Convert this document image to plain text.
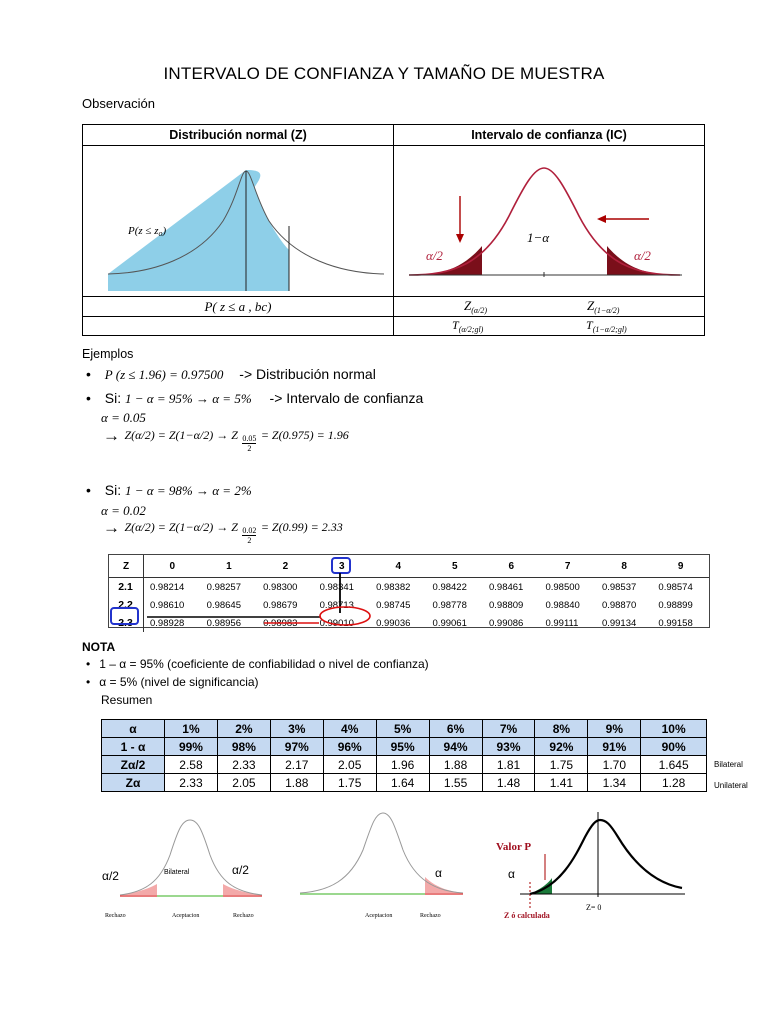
INTERVALO DE CONFIANZA Y TAMAÑO DE MUESTRA
Observación
Distribución normal (Z)	Intervalo de confianza (IC)

P(z ≤ zo)	1−α
α/2 α/2

P( z ≤ a , bc)	$Z_{(\alpha/2)}$ $Z_{(1-\alpha/2)}$

	$T_{(\alpha/2;gl)}$ $T_{(1-\alpha/2;gl)}$
Ejemplos
• P (z ≤ 1.96) = 0.97500 -> Distribución normal
• Si: 1 − α = 95% → α = 5% -> Intervalo de confianza
α = 0.05
→ Z(α/2) = Z(1−α/2) → Z $\frac{0.05}{2} = Z(0.975) = 1.96$
• Si: 1 − α = 98% → α = 2%
α = 0.02
→ Z(α/2) = Z(1−α/2) → Z $\frac{0.02}{2} = Z(0.99) = 2.33$
Z	0	1	2	3	4	5	6	7	8	9
2.1	0.98214	0.98257	0.98300	0.98341	0.98382	0.98422	0.98461	0.98500	0.98537	0.98574
2.2	0.98610	0.98645	0.98679	0.98713	0.98745	0.98778	0.98809	0.98840	0.98870	0.98899
2.3	0.98928	0.98956	0.98983	0.99010	0.99036	0.99061	0.99086	0.99111	0.99134	0.99158
NOTA
• 1 – α = 95% (coeficiente de confiabilidad o nivel de confianza)
• α = 5% (nivel de significancia)
Resumen
α	1%	2%	3%	4%	5%	6%	7%	8%	9%	10%
1 - α	99%	98%	97%	96%	95%	94%	93%	92%	91%	90%
Zα/2	2.58	2.33	2.17	2.05	1.96	1.88	1.81	1.75	1.70	1.645
Zα	2.33	2.05	1.88	1.75	1.64	1.55	1.48	1.41	1.34	1.28
Bilateral
Unilateral
α/2	α/2
Bilateral
Rechazo	Aceptacion	Rechazo
α
Aceptacion	Rechazo
Valor P
α
Z ó calculada
Z= 0
